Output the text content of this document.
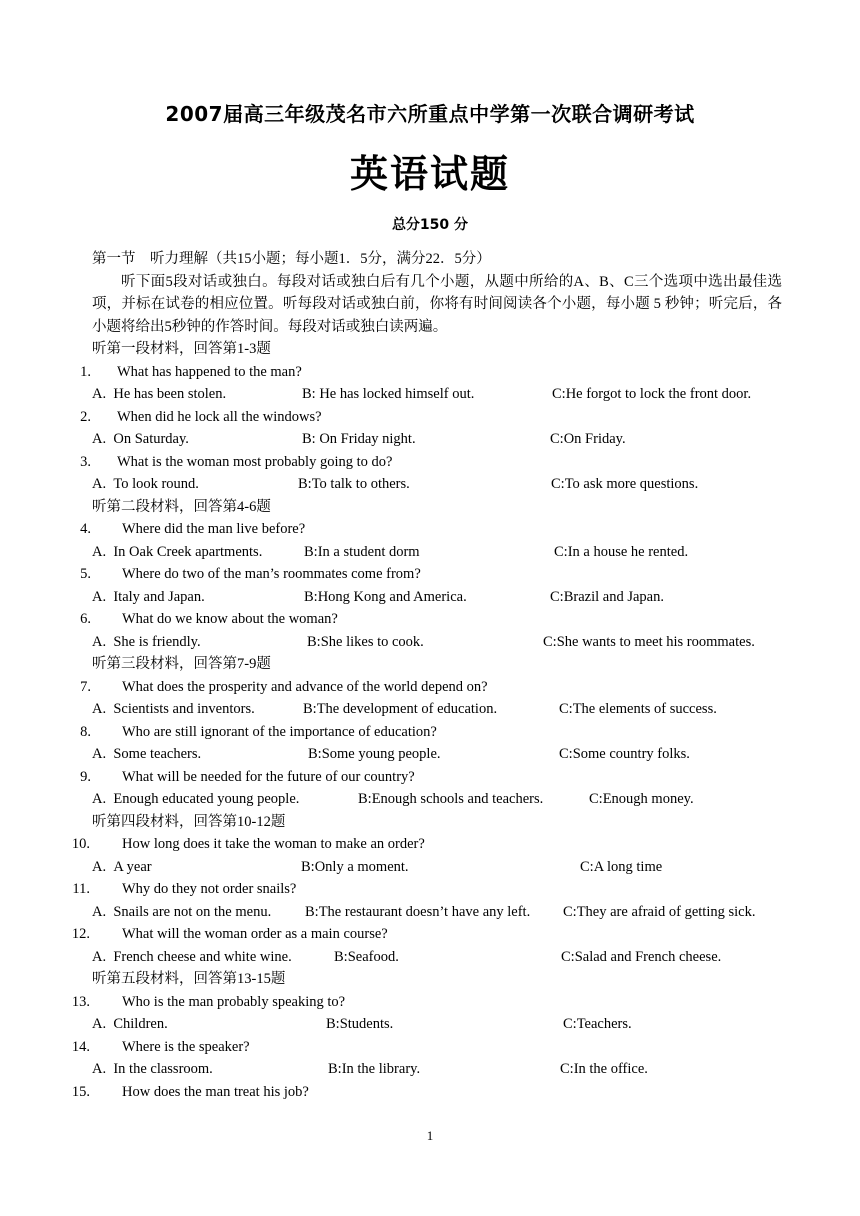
2007届高三年级茂名市六所重点中学第一次联合调研考试
英语试题
总分150 分
第一节　听力理解（共15小题；每小题1．5分，满分22．5分）
听下面5段对话或独白。每段对话或独白后有几个小题，从题中所给的A、B、C三个选项中选出最佳选项，并标在试卷的相应位置。听每段对话或独白前，你将有时间阅读各个小题，每小题 5 秒钟；听完后，各小题将给出5秒钟的作答时间。每段对话或独白读两遍。
听第一段材料，回答第1-3题
1. What has happened to the man?
A.  He has been stolen.	B: He has locked himself out.	C:He forgot to lock the front door.
2. When did he lock all the windows?
A.  On Saturday.	B: On Friday night.	C:On Friday.
3. What is the woman most probably going to do?
A.  To look round.	B:To talk to others.	C:To ask more questions.
听第二段材料，回答第4-6题
4. Where did the man live before?
A.  In Oak Creek apartments.	B:In a student dorm	C:In a house he rented.
5. Where do two of the man’s roommates come from?
A.  Italy and Japan.	B:Hong Kong and America.	C:Brazil and Japan.
6. What do we know about the woman?
A.  She is friendly.	B:She likes to cook.	C:She wants to meet his roommates.
听第三段材料，回答第7-9题
7. What does the prosperity and advance of the world depend on?
A.  Scientists and inventors.	B:The development of education.	C:The elements of success.
8. Who are still ignorant of the importance of education?
A.  Some teachers.	B:Some young people.	C:Some country folks.
9. What will be needed for the future of our country?
A.  Enough educated young people.	B:Enough schools and teachers.	C:Enough money.
听第四段材料，回答第10-12题
10. How long does it take the woman to make an order?
A.  A year	B:Only a moment.	C:A long time
11. Why do they not order snails?
A.  Snails are not on the menu. B:The restaurant doesn’t have any left. C:They are afraid of getting sick.
12. What will the woman order as a main course?
A.  French cheese and white wine.	B:Seafood.	C:Salad and French cheese.
听第五段材料，回答第13-15题
13. Who is the man probably speaking to?
A.  Children.	B:Students.	C:Teachers.
14. Where is the speaker?
A.  In the classroom.	B:In the library.	C:In the office.
15. How does the man treat his job?
1
